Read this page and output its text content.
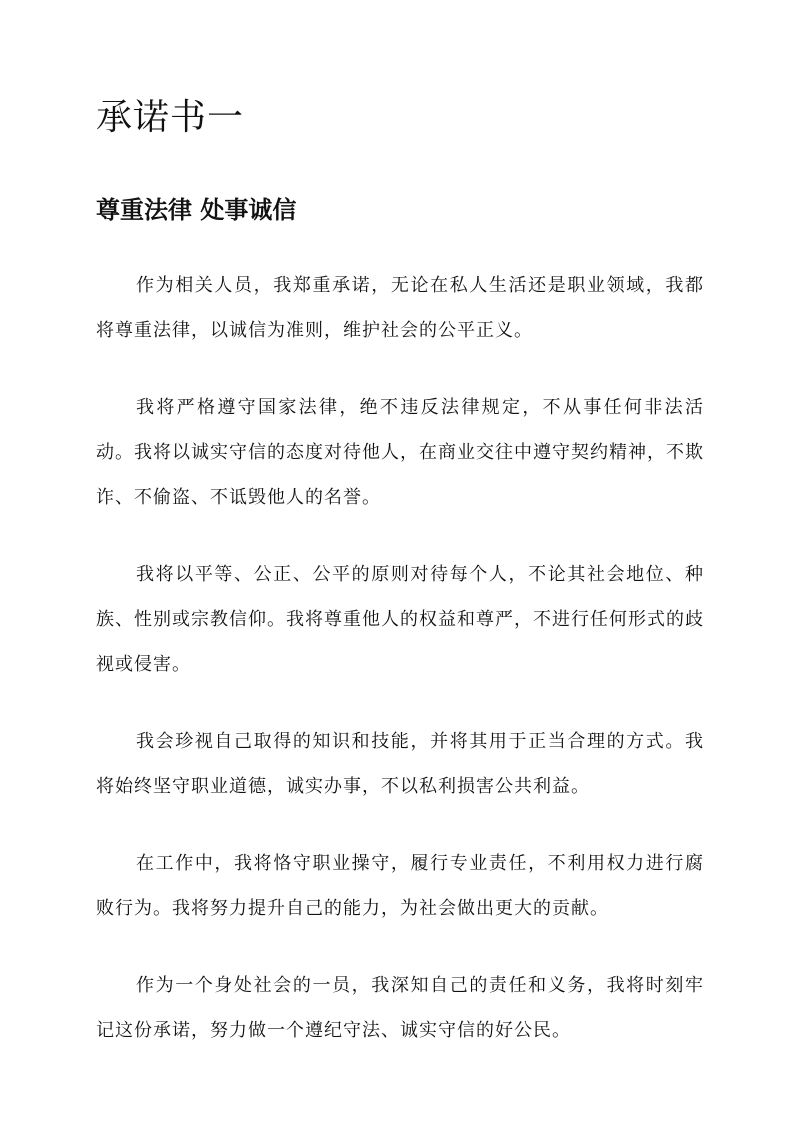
承诺书一
尊重法律 处事诚信

作为相关人员，我郑重承诺，无论在私人生活还是职业领域，我都将尊重法律，以诚信为准则，维护社会的公平正义。

我将严格遵守国家法律，绝不违反法律规定，不从事任何非法活动。我将以诚实守信的态度对待他人，在商业交往中遵守契约精神，不欺诈、不偷盗、不诋毁他人的名誉。

我将以平等、公正、公平的原则对待每个人，不论其社会地位、种族、性别或宗教信仰。我将尊重他人的权益和尊严，不进行任何形式的歧视或侵害。

我会珍视自己取得的知识和技能，并将其用于正当合理的方式。我将始终坚守职业道德，诚实办事，不以私利损害公共利益。

在工作中，我将恪守职业操守，履行专业责任，不利用权力进行腐败行为。我将努力提升自己的能力，为社会做出更大的贡献。

作为一个身处社会的一员，我深知自己的责任和义务，我将时刻牢记这份承诺，努力做一个遵纪守法、诚实守信的好公民。
